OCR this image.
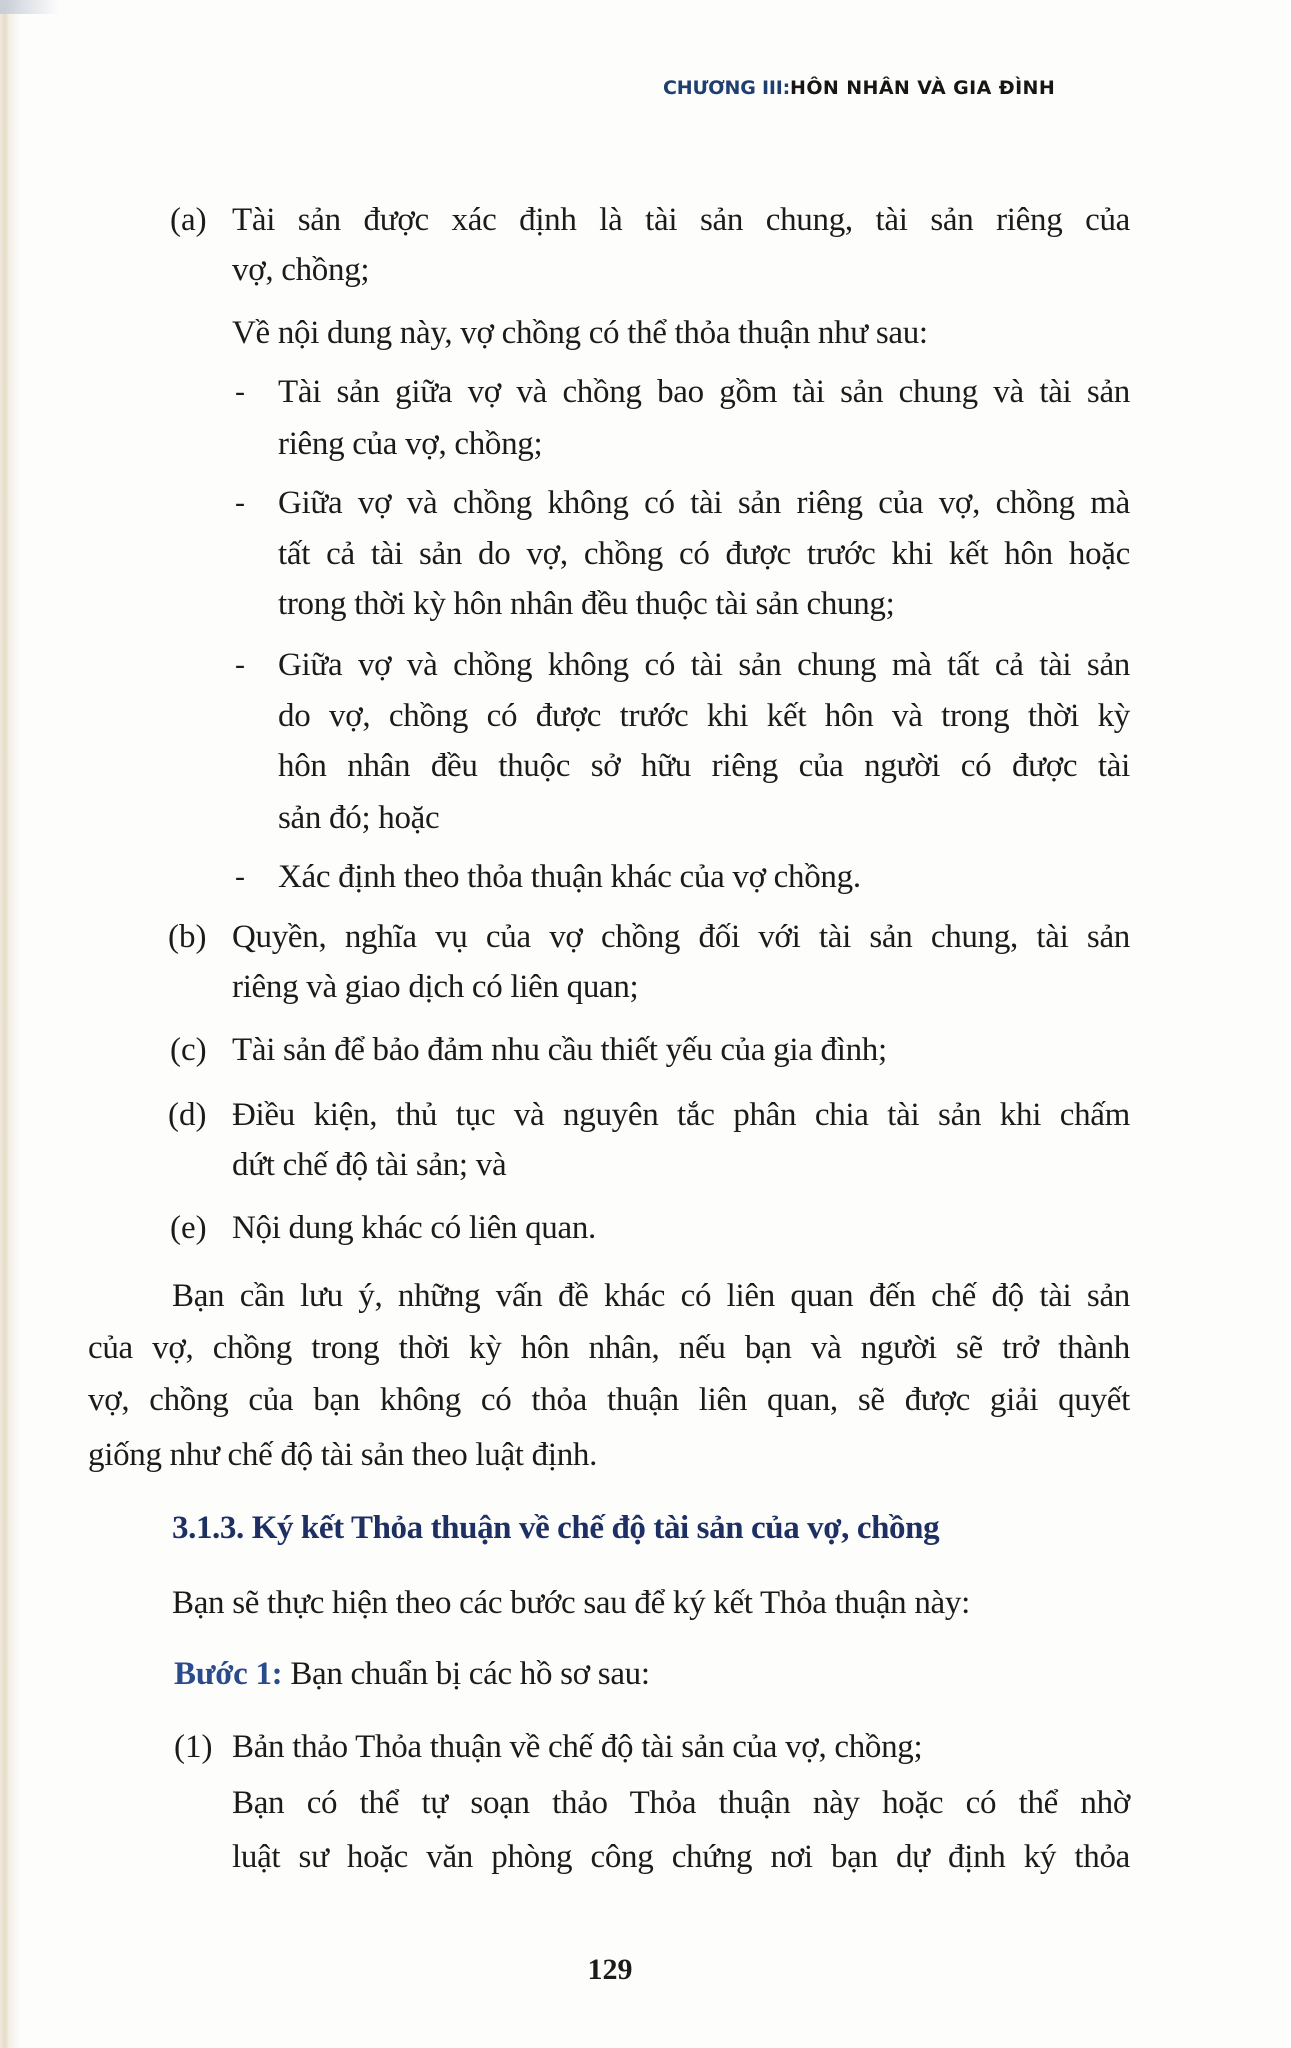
CHƯƠNG III:HÔN NHÂN VÀ GIA ĐÌNH
(a) Tài sản được xác định là tài sản chung, tài sản riêng của
vợ, chồng;
Về nội dung này, vợ chồng có thể thỏa thuận như sau:
- Tài sản giữa vợ và chồng bao gồm tài sản chung và tài sản
riêng của vợ, chồng;
- Giữa vợ và chồng không có tài sản riêng của vợ, chồng mà
tất cả tài sản do vợ, chồng có được trước khi kết hôn hoặc
trong thời kỳ hôn nhân đều thuộc tài sản chung;
- Giữa vợ và chồng không có tài sản chung mà tất cả tài sản
do vợ, chồng có được trước khi kết hôn và trong thời kỳ
hôn nhân đều thuộc sở hữu riêng của người có được tài
sản đó; hoặc
- Xác định theo thỏa thuận khác của vợ chồng.
(b) Quyền, nghĩa vụ của vợ chồng đối với tài sản chung, tài sản
riêng và giao dịch có liên quan;
(c) Tài sản để bảo đảm nhu cầu thiết yếu của gia đình;
(d) Điều kiện, thủ tục và nguyên tắc phân chia tài sản khi chấm
dứt chế độ tài sản; và
(e) Nội dung khác có liên quan.
Bạn cần lưu ý, những vấn đề khác có liên quan đến chế độ tài sản
của vợ, chồng trong thời kỳ hôn nhân, nếu bạn và người sẽ trở thành
vợ, chồng của bạn không có thỏa thuận liên quan, sẽ được giải quyết
giống như chế độ tài sản theo luật định.
3.1.3. Ký kết Thỏa thuận về chế độ tài sản của vợ, chồng
Bạn sẽ thực hiện theo các bước sau để ký kết Thỏa thuận này:
Bước 1: Bạn chuẩn bị các hồ sơ sau:
(1) Bản thảo Thỏa thuận về chế độ tài sản của vợ, chồng;
Bạn có thể tự soạn thảo Thỏa thuận này hoặc có thể nhờ
luật sư hoặc văn phòng công chứng nơi bạn dự định ký thỏa
129
